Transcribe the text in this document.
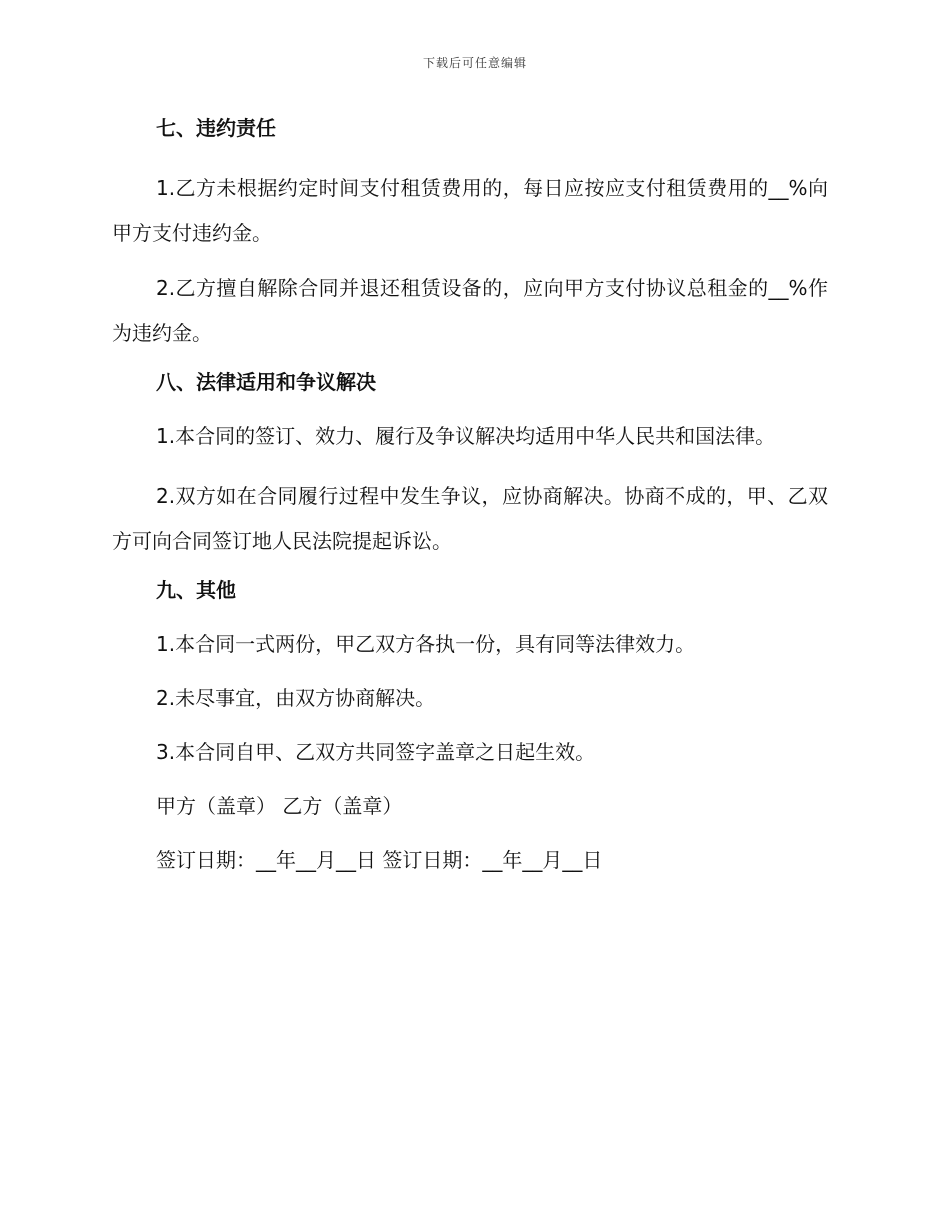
下载后可任意编辑
七、违约责任

1.乙方未根据约定时间支付租赁费用的，每日应按应支付租赁费用的__%向甲方支付违约金。

2.乙方擅自解除合同并退还租赁设备的，应向甲方支付协议总租金的__%作为违约金。

八、法律适用和争议解决

1.本合同的签订、效力、履行及争议解决均适用中华人民共和国法律。

2.双方如在合同履行过程中发生争议，应协商解决。协商不成的，甲、乙双方可向合同签订地人民法院提起诉讼。

九、其他

1.本合同一式两份，甲乙双方各执一份，具有同等法律效力。

2.未尽事宜，由双方协商解决。

3.本合同自甲、乙双方共同签字盖章之日起生效。

甲方（盖章） 乙方（盖章）

签订日期：__年__月__日 签订日期：__年__月__日
